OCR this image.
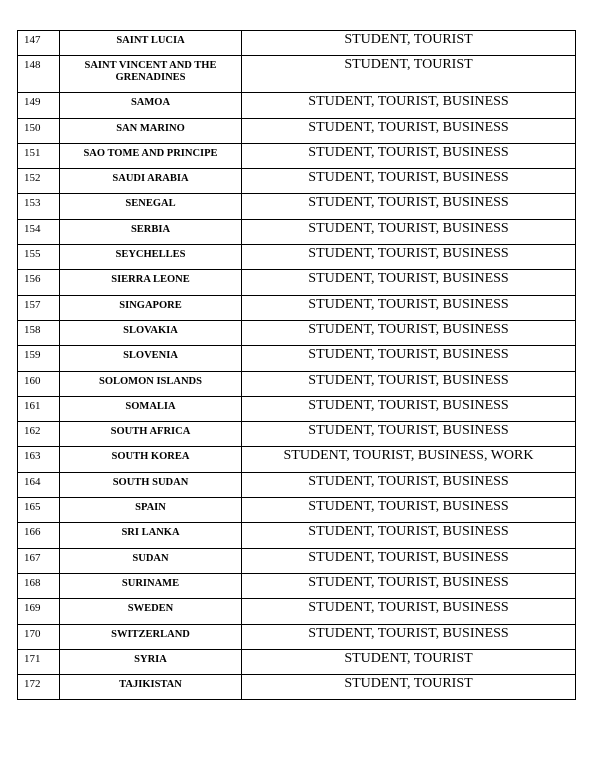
147	SAINT LUCIA	STUDENT, TOURIST
148	SAINT VINCENT AND THE GRENADINES	STUDENT, TOURIST
149	SAMOA	STUDENT, TOURIST, BUSINESS
150	SAN MARINO	STUDENT, TOURIST, BUSINESS
151	SAO TOME AND PRINCIPE	STUDENT, TOURIST, BUSINESS
152	SAUDI ARABIA	STUDENT, TOURIST, BUSINESS
153	SENEGAL	STUDENT, TOURIST, BUSINESS
154	SERBIA	STUDENT, TOURIST, BUSINESS
155	SEYCHELLES	STUDENT, TOURIST, BUSINESS
156	SIERRA LEONE	STUDENT, TOURIST, BUSINESS
157	SINGAPORE	STUDENT, TOURIST, BUSINESS
158	SLOVAKIA	STUDENT, TOURIST, BUSINESS
159	SLOVENIA	STUDENT, TOURIST, BUSINESS
160	SOLOMON ISLANDS	STUDENT, TOURIST, BUSINESS
161	SOMALIA	STUDENT, TOURIST, BUSINESS
162	SOUTH AFRICA	STUDENT, TOURIST, BUSINESS
163	SOUTH KOREA	STUDENT, TOURIST, BUSINESS, WORK
164	SOUTH SUDAN	STUDENT, TOURIST, BUSINESS
165	SPAIN	STUDENT, TOURIST, BUSINESS
166	SRI LANKA	STUDENT, TOURIST, BUSINESS
167	SUDAN	STUDENT, TOURIST, BUSINESS
168	SURINAME	STUDENT, TOURIST, BUSINESS
169	SWEDEN	STUDENT, TOURIST, BUSINESS
170	SWITZERLAND	STUDENT, TOURIST, BUSINESS
171	SYRIA	STUDENT, TOURIST
172	TAJIKISTAN	STUDENT, TOURIST
